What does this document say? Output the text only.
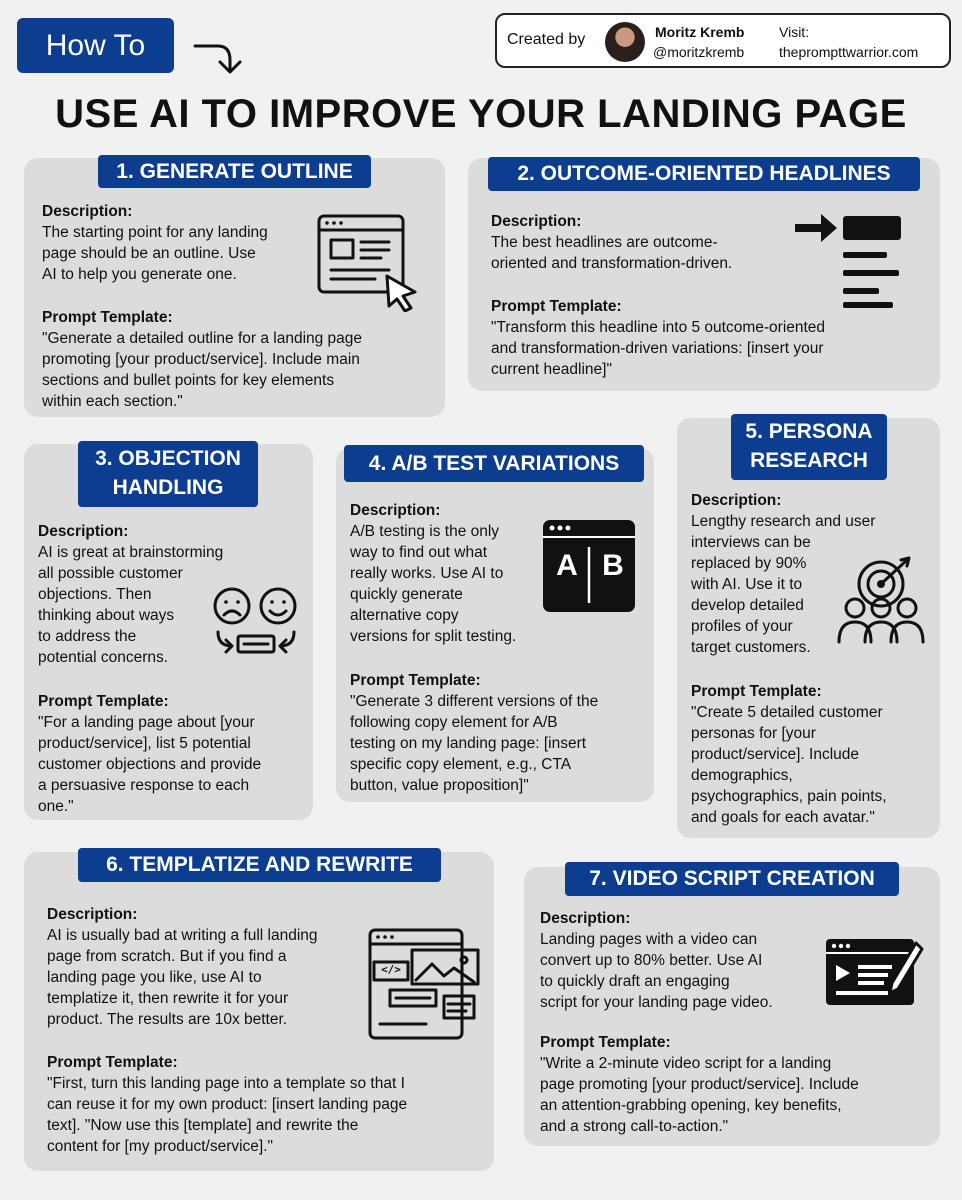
How To	Created by	Moritz Kremb
@moritzkremb
Visit:
theprompttwarrior.com
USE AI TO IMPROVE YOUR LANDING PAGE
1. GENERATE OUTLINE
Description:
The starting point for any landing
page should be an outline. Use
AI to help you generate one.
Prompt Template:
"Generate a detailed outline for a landing page
promoting [your product/service]. Include main
sections and bullet points for key elements
within each section."
2. OUTCOME-ORIENTED HEADLINES
Description:
The best headlines are outcome-
oriented and transformation-driven.
Prompt Template:
"Transform this headline into 5 outcome-oriented
and transformation-driven variations: [insert your
current headline]"
3. OBJECTION
HANDLING
Description:
AI is great at brainstorming
all possible customer
objections. Then
thinking about ways
to address the
potential concerns.
Prompt Template:
"For a landing page about [your
product/service], list 5 potential
customer objections and provide
a persuasive response to each
one."
4. A/B TEST VARIATIONS
Description:
A/B testing is the only
way to find out what
really works. Use AI to
quickly generate
alternative copy
versions for split testing.
Prompt Template:
"Generate 3 different versions of the
following copy element for A/B
testing on my landing page: [insert
specific copy element, e.g., CTA
button, value proposition]"
A B
5. PERSONA
RESEARCH
Description:
Lengthy research and user
interviews can be
replaced by 90%
with AI. Use it to
develop detailed
profiles of your
target customers.
Prompt Template:
"Create 5 detailed customer
personas for [your
product/service]. Include
demographics,
psychographics, pain points,
and goals for each avatar."
6. TEMPLATIZE AND REWRITE
Description:
AI is usually bad at writing a full landing
page from scratch. But if you find a
landing page you like, use AI to
templatize it, then rewrite it for your
product. The results are 10x better.
Prompt Template:
"First, turn this landing page into a template so that I
can reuse it for my own product: [insert landing page
text]. "Now use this [template] and rewrite the
content for [my product/service]."
</>
7. VIDEO SCRIPT CREATION
Description:
Landing pages with a video can
convert up to 80% better. Use AI
to quickly draft an engaging
script for your landing page video.
Prompt Template:
"Write a 2-minute video script for a landing
page promoting [your product/service]. Include
an attention-grabbing opening, key benefits,
and a strong call-to-action."
